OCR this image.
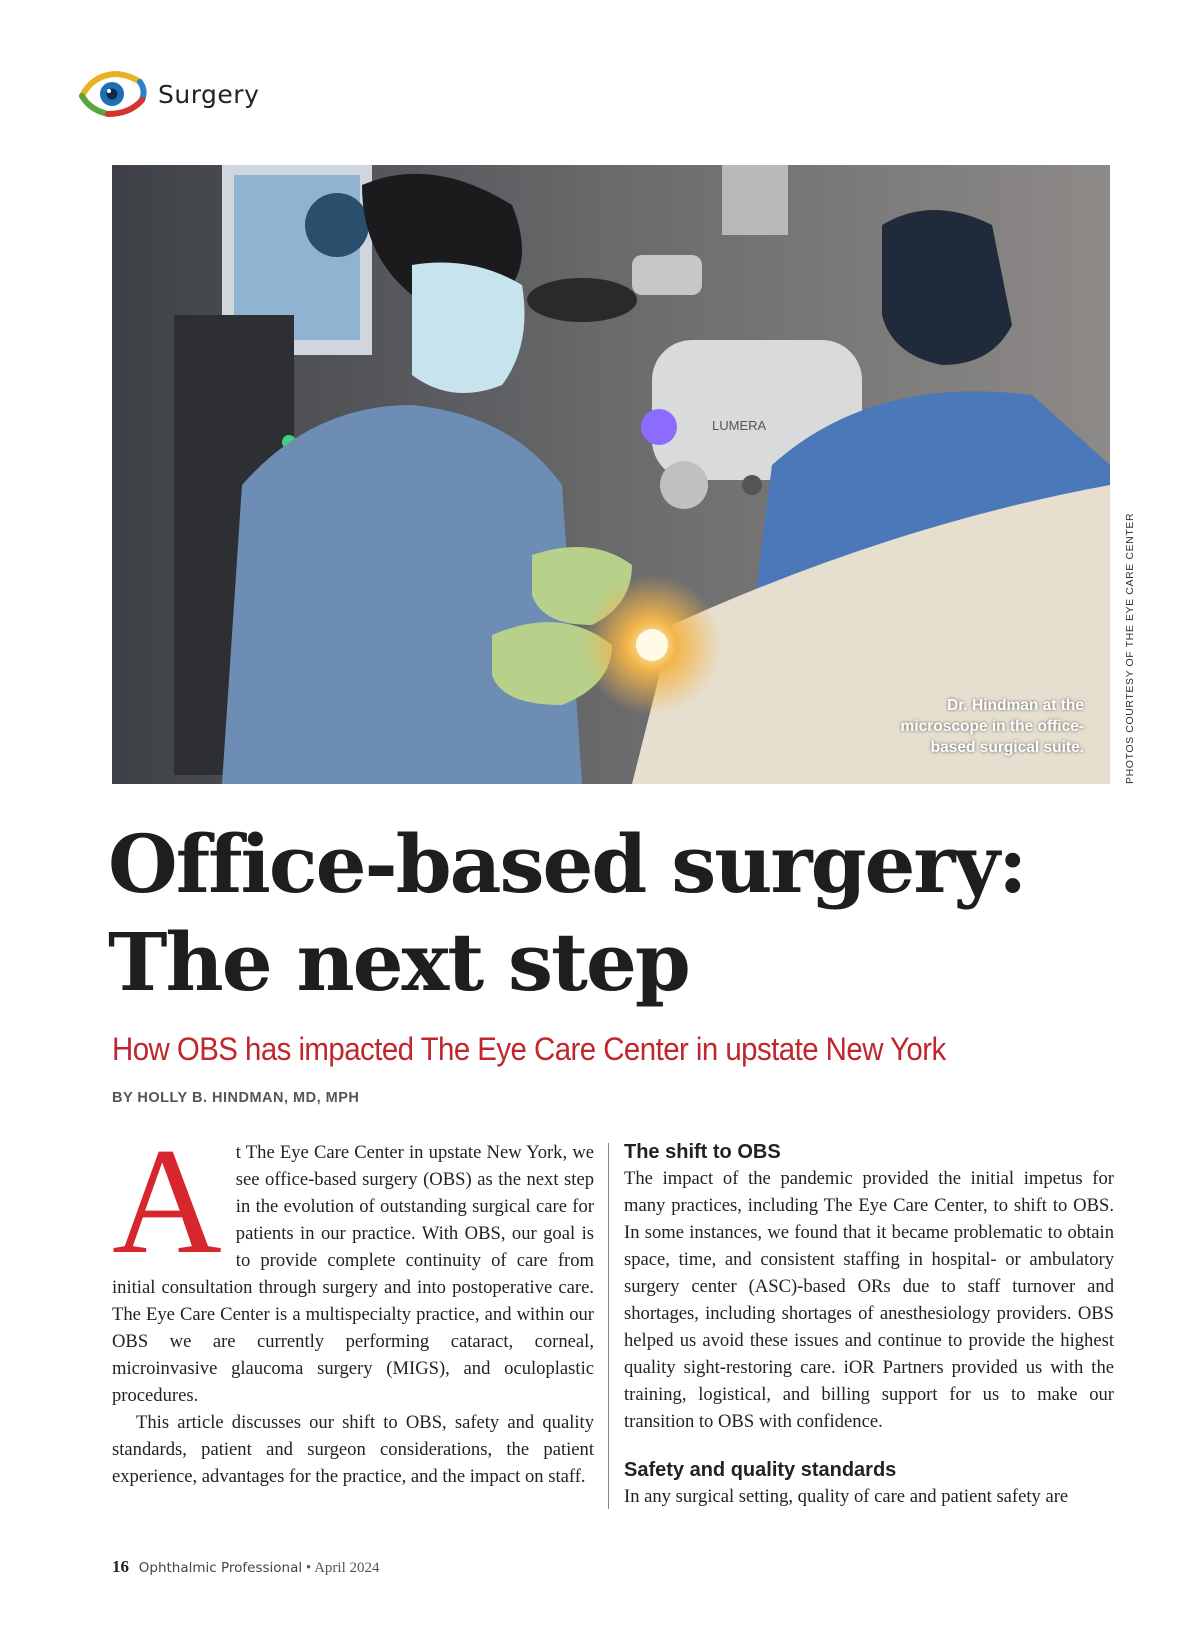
Surgery
LUMERA
Dr. Hindman at the
microscope in the office-
based surgical suite.	PHOTOS COURTESY OF THE EYE CARE CENTER
Office-based surgery:
The next step
How OBS has impacted The Eye Care Center in upstate New York
BY HOLLY B. HINDMAN, MD, MPH
A t The Eye Care Center in upstate New York, we see office-based surgery (OBS) as the next step in the evolution of outstanding surgical care for patients in our practice. With OBS, our goal is to provide complete continuity of care from initial consultation through surgery and into postoperative care. The Eye Care Center is a multispecialty practice, and within our OBS we are currently performing cataract, corneal, microinvasive glaucoma surgery (MIGS), and oculoplastic procedures.

This article discusses our shift to OBS, safety and quality standards, patient and surgeon considerations, the patient experience, advantages for the practice, and the impact on staff.

The shift to OBS

The impact of the pandemic provided the initial impetus for many practices, including The Eye Care Center, to shift to OBS. In some instances, we found that it became problematic to obtain space, time, and consistent staffing in hospital- or ambulatory surgery center (ASC)-based ORs due to staff turnover and shortages, including shortages of anesthesiology providers. OBS helped us avoid these issues and continue to provide the highest quality sight-restoring care. iOR Partners provided us with the training, logistical, and billing support for us to make our transition to OBS with confidence.

Safety and quality standards

In any surgical setting, quality of care and patient safety are

16 Ophthalmic Professional • April 2024
